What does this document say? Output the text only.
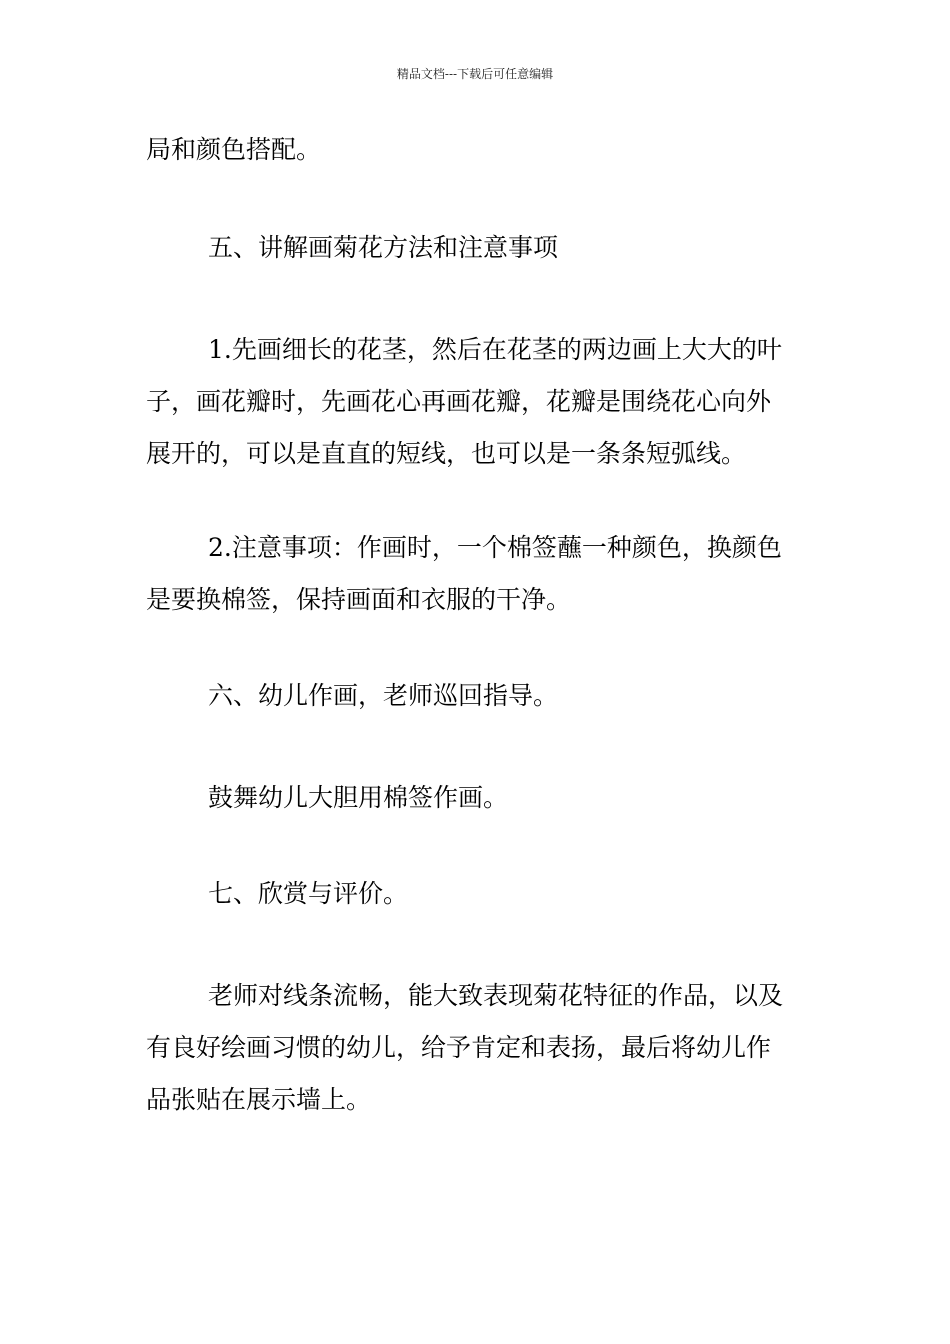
精品文档---下载后可任意编辑
局和颜色搭配。
五、讲解画菊花方法和注意事项
1.先画细长的花茎，然后在花茎的两边画上大大的叶
子，画花瓣时，先画花心再画花瓣，花瓣是围绕花心向外
展开的，可以是直直的短线，也可以是一条条短弧线。
2.注意事项：作画时，一个棉签蘸一种颜色，换颜色
是要换棉签，保持画面和衣服的干净。
六、幼儿作画，老师巡回指导。
鼓舞幼儿大胆用棉签作画。
七、欣赏与评价。
老师对线条流畅，能大致表现菊花特征的作品，以及
有良好绘画习惯的幼儿，给予肯定和表扬，最后将幼儿作
品张贴在展示墙上。
